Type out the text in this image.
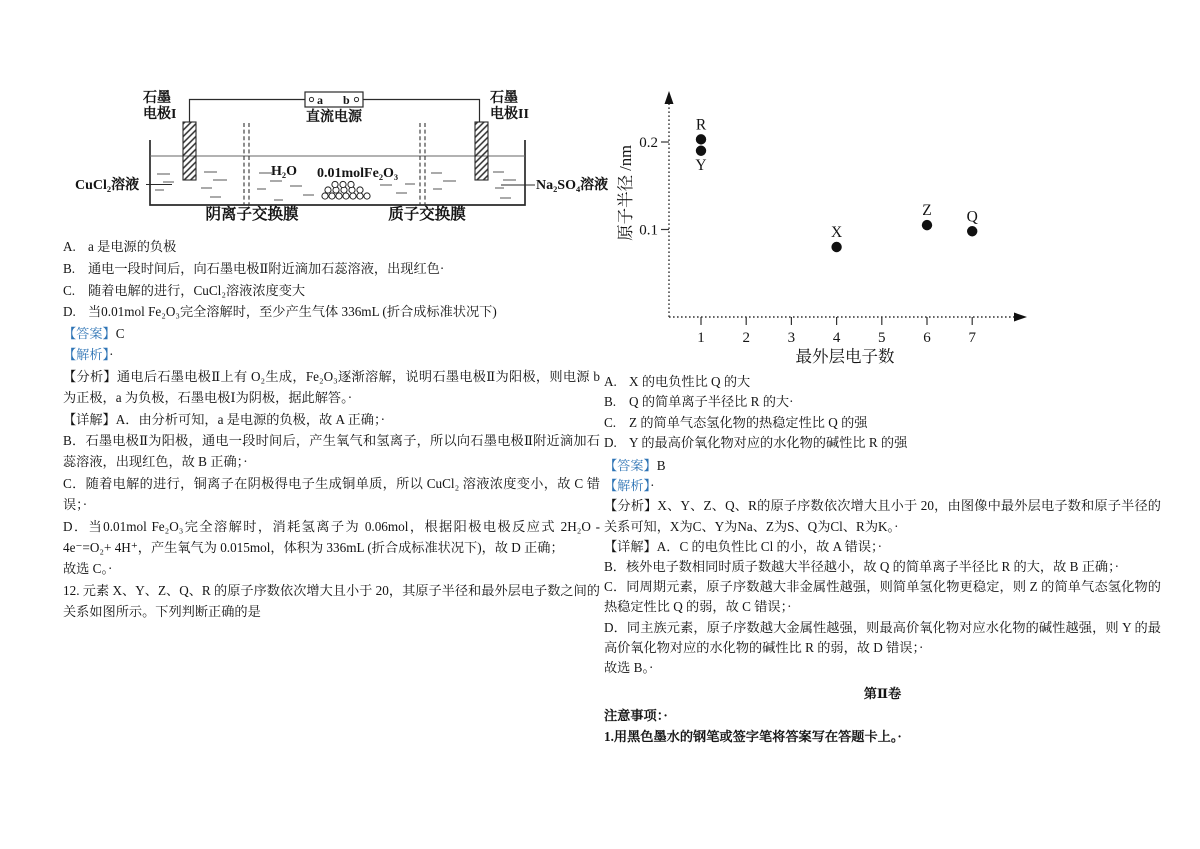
a b
直流电源
石墨
电极I
石墨
电极II
CuCl₂溶液	Na₂SO₄溶液
H₂O 0.01molFe₂O₃
阴离子交换膜	质子交换膜
A. a 是电源的负极
B. 通电一段时间后，向石墨电极Ⅱ附近滴加石蕊溶液，出现红色·
C. 随着电解的进行，CuCl₂溶液浓度变大
D. 当0.01mol Fe₂O₃完全溶解时，至少产生气体 336mL (折合成标准状况下)

【答案】C

【解析】·

【分析】通电后石墨电极Ⅱ上有 O₂生成，Fe₂O₃逐渐溶解，说明石墨电极Ⅱ为阳极，则电源 b 为正极，a 为负极，石墨电极Ⅰ为阴极，据此解答。·

【详解】A．由分析可知，a 是电源的负极，故 A 正确；·

B．石墨电极Ⅱ为阳极，通电一段时间后，产生氧气和氢离子，所以向石墨电极Ⅱ附近滴加石蕊溶液，出现红色，故 B 正确；·

C．随着电解的进行，铜离子在阴极得电子生成铜单质，所以 CuCl₂ 溶液浓度变小，故 C 错误；·

D．当0.01mol Fe₂O₃完全溶解时，消耗氢离子为 0.06mol，根据阳极电极反应式 2H₂O - 4e⁻=O₂+ 4H⁺，产生氧气为 0.015mol，体积为 336mL (折合成标准状况下)，故 D 正确；

故选 C。·

12. 元素 X、Y、Z、Q、R 的原子序数依次增大且小于 20，其原子半径和最外层电子数之间的关系如图所示。下列判断正确的是

1	2	3	4	5	6	7
0.1
0.2
R
Y
X
Z Q
最外层电子数
原子半径 /nm
A. X 的电负性比 Q 的大
B. Q 的简单离子半径比 R 的大·
C. Z 的简单气态氢化物的热稳定性比 Q 的强
D. Y 的最高价氧化物对应的水化物的碱性比 R 的强

【答案】B

【解析】·

【分析】X、Y、Z、Q、R的原子序数依次增大且小于 20，由图像中最外层电子数和原子半径的关系可知，X为C、Y为Na、Z为S、Q为Cl、R为K。·

【详解】A．C 的电负性比 Cl 的小，故 A 错误；·

B．核外电子数相同时质子数越大半径越小，故 Q 的简单离子半径比 R 的大，故 B 正确；·

C．同周期元素，原子序数越大非金属性越强，则简单氢化物更稳定，则 Z 的简单气态氢化物的热稳定性比 Q 的弱，故 C 错误；·

D．同主族元素，原子序数越大金属性越强，则最高价氧化物对应水化物的碱性越强，则 Y 的最高价氧化物对应的水化物的碱性比 R 的弱，故 D 错误；·

故选 B。·

第Ⅱ卷

注意事项：·

1.用黑色墨水的钢笔或签字笔将答案写在答题卡上。·
